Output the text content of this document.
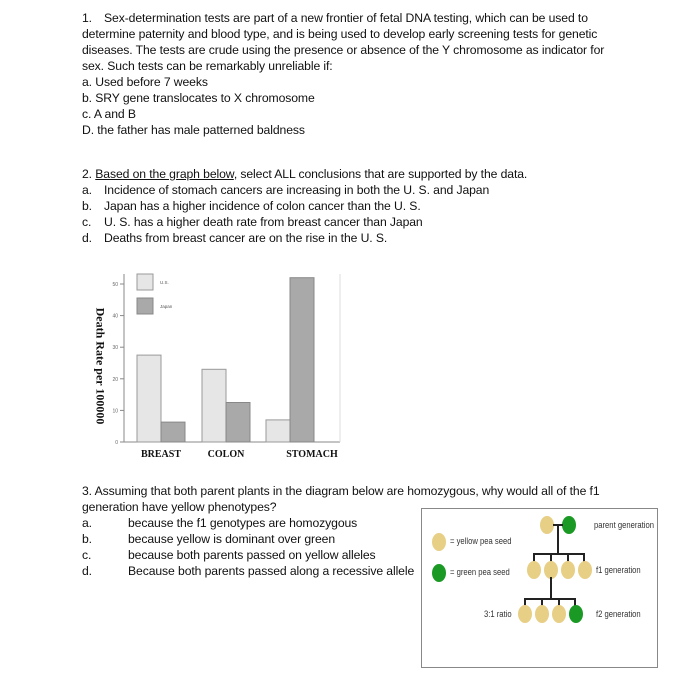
1. Sex-determination tests are part of a new frontier of fetal DNA testing, which can be used to determine paternity and blood type, and is being used to develop early screening tests for genetic diseases. The tests are crude using the presence or absence of the Y chromosome as indicator for sex. Such tests can be remarkably unreliable if:
a. Used before 7 weeks
b. SRY gene translocates to X chromosome
c. A and B
D. the father has male patterned baldness
2. Based on the graph below, select ALL conclusions that are supported by the data.
a. Incidence of stomach cancers are increasing in both the U. S. and Japan
b. Japan has a higher incidence of colon cancer than the U. S.
c.	U. S. has a higher death rate from breast cancer than Japan
d. Deaths from breast cancer are on the rise in the U. S.
Death Rate per 100000
0
10
20
30
40
50	U.S.
Japan
BREAST	COLON	STOMACH
3. Assuming that both parent plants in the diagram below are homozygous, why would all of the f1 generation have yellow phenotypes?
a.	because the f1 genotypes are homozygous
b.	because yellow is dominant over green
c.	because both parents passed on yellow alleles
d.	Because both parents passed along a recessive allele
= yellow pea seed
= green pea seed
parent generation
f1 generation
3:1 ratio	f2 generation
